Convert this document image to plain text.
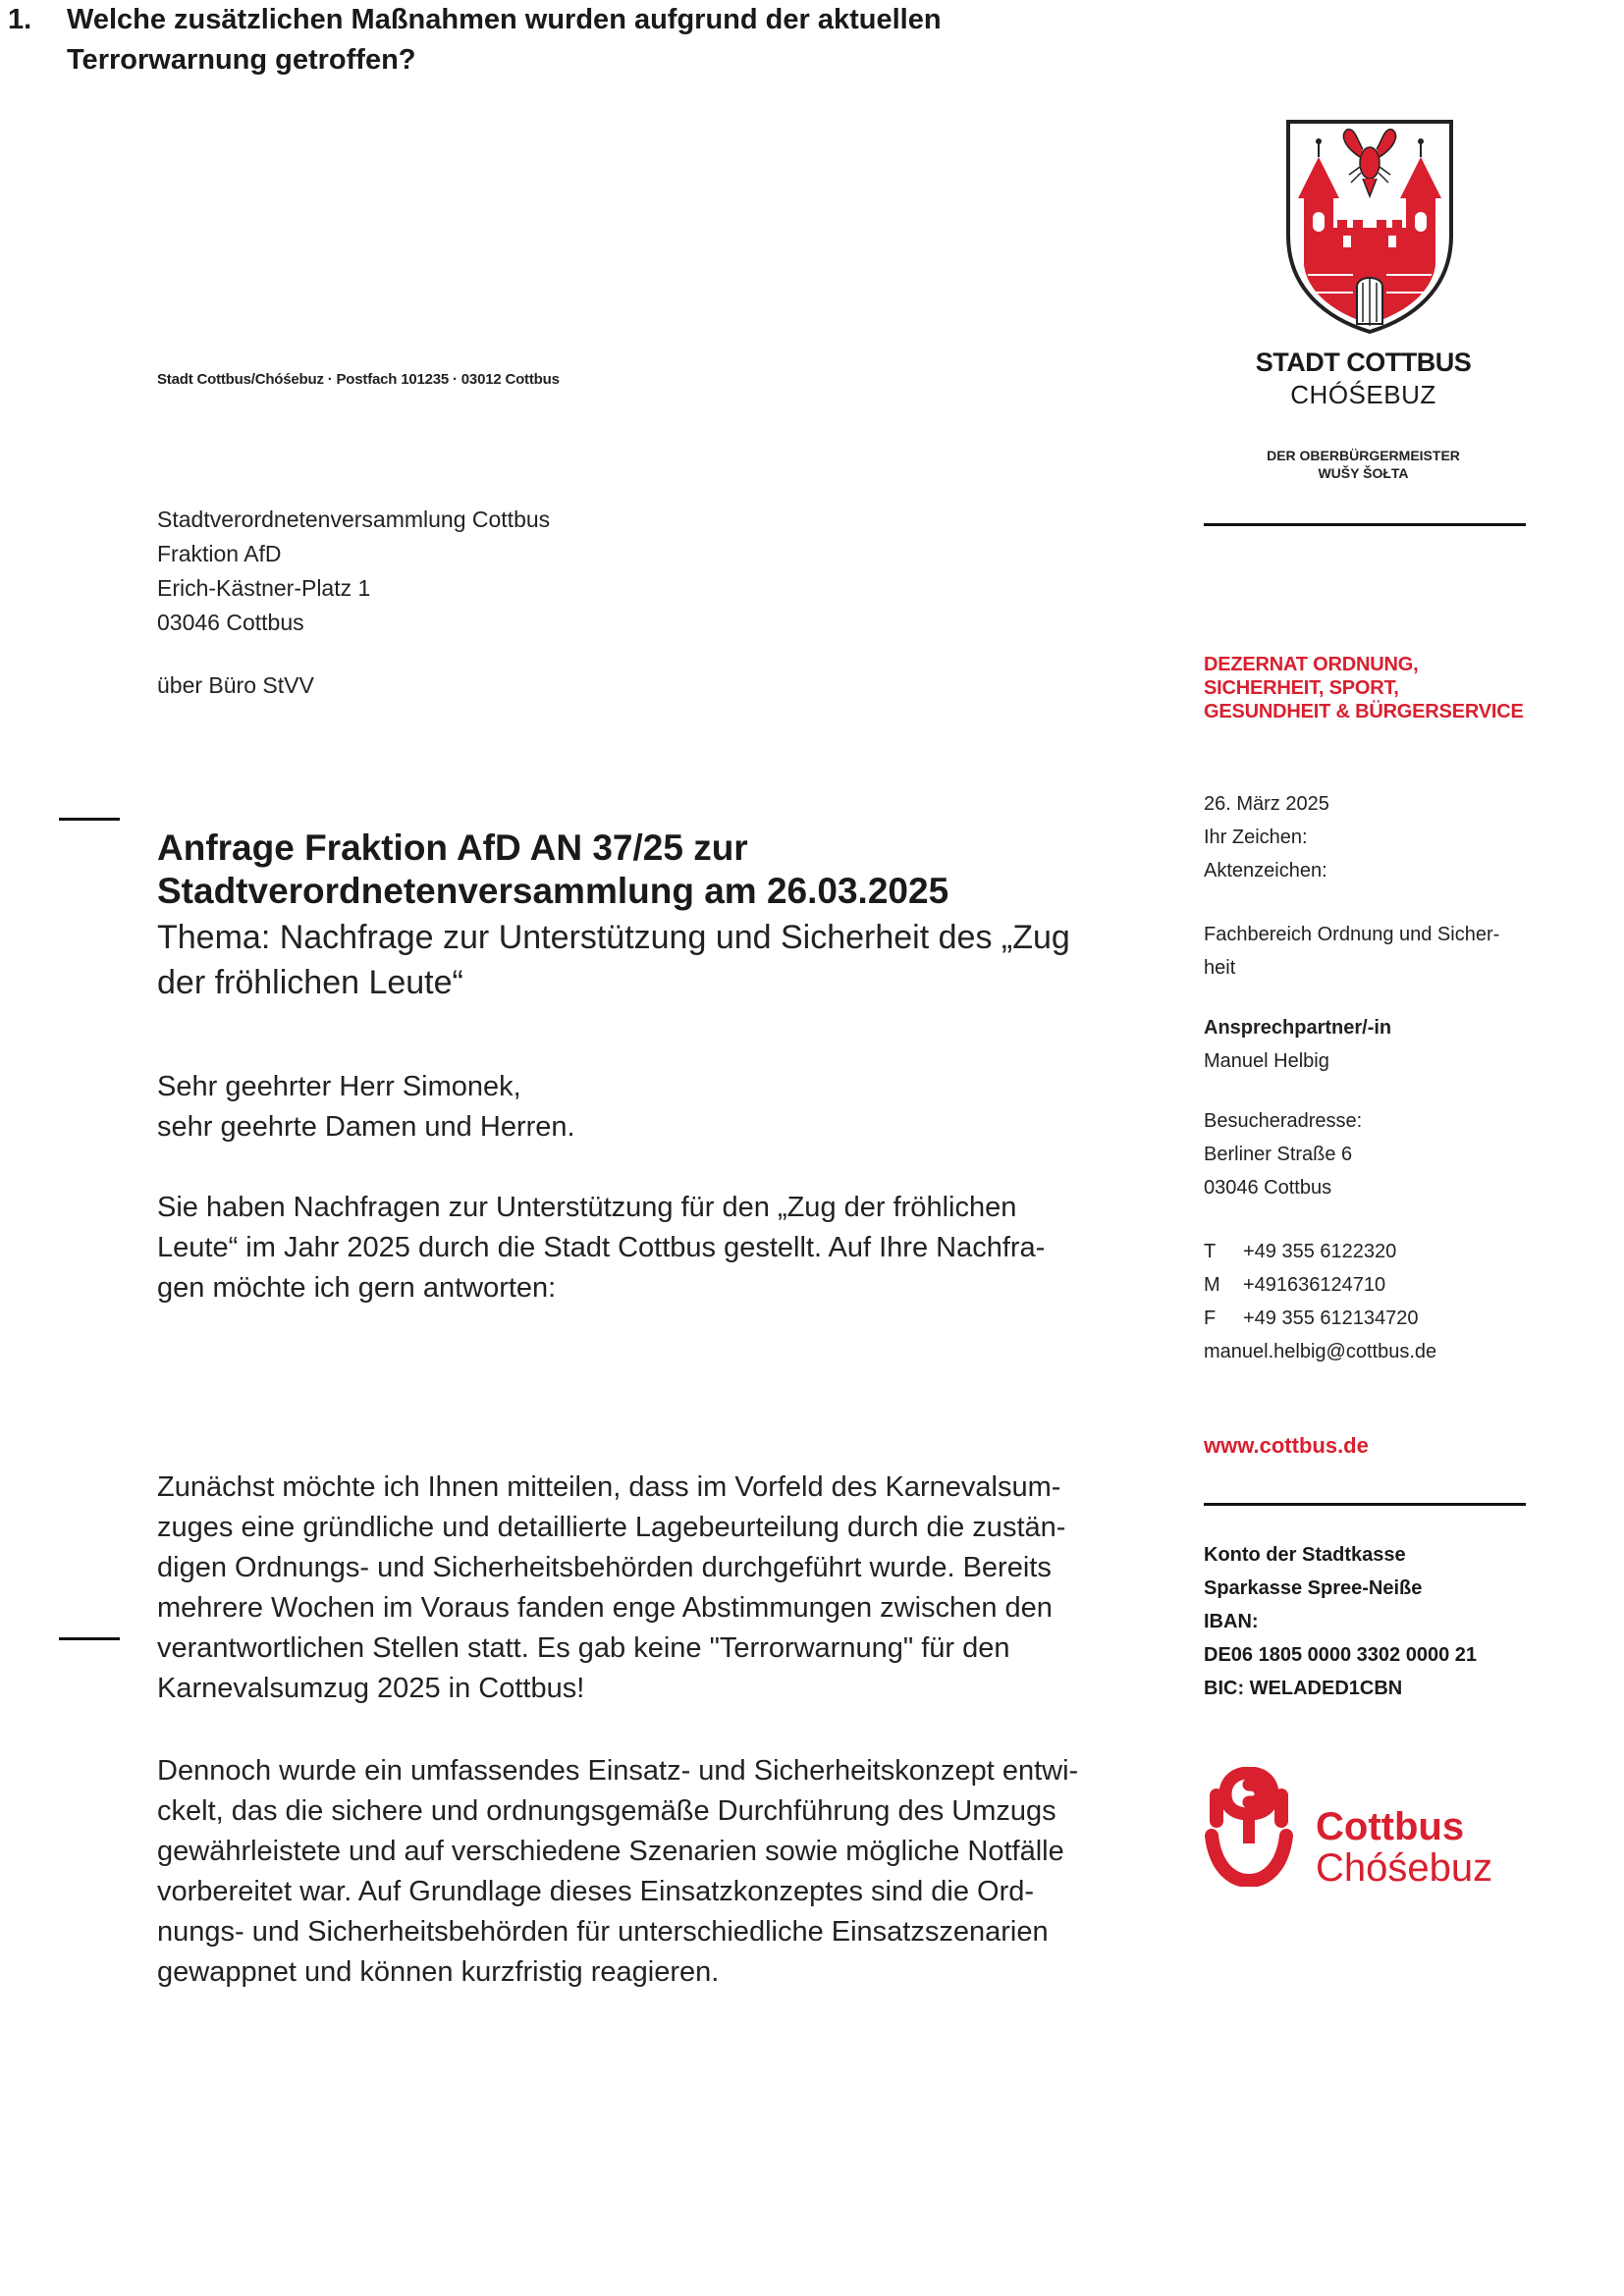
Stadt Cottbus/Chóśebuz · Postfach 101235 · 03012 Cottbus
Stadtverordnetenversammlung Cottbus
Fraktion AfD
Erich-Kästner-Platz 1
03046 Cottbus
über Büro StVV
Anfrage Fraktion AfD AN 37/25 zur
Stadtverordnetenversammlung am 26.03.2025
Thema: Nachfrage zur Unterstützung und Sicherheit des „Zug
der fröhlichen Leute“

Sehr geehrter Herr Simonek,

sehr geehrte Damen und Herren.

Sie haben Nachfragen zur Unterstützung für den „Zug der fröhlichen

Leute“ im Jahr 2025 durch die Stadt Cottbus gestellt. Auf Ihre Nachfra-

gen möchte ich gern antworten:

1.	Welche zusätzlichen Maßnahmen wurden aufgrund der aktuellen
Terrorwarnung getroffen?

Zunächst möchte ich Ihnen mitteilen, dass im Vorfeld des Karnevalsum-

zuges eine gründliche und detaillierte Lagebeurteilung durch die zustän-

digen Ordnungs- und Sicherheitsbehörden durchgeführt wurde. Bereits

mehrere Wochen im Voraus fanden enge Abstimmungen zwischen den

verantwortlichen Stellen statt. Es gab keine "Terrorwarnung" für den

Karnevalsumzug 2025 in Cottbus!

Dennoch wurde ein umfassendes Einsatz- und Sicherheitskonzept entwi-

ckelt, das die sichere und ordnungsgemäße Durchführung des Umzugs

gewährleistete und auf verschiedene Szenarien sowie mögliche Notfälle

vorbereitet war. Auf Grundlage dieses Einsatzkonzeptes sind die Ord-

nungs- und Sicherheitsbehörden für unterschiedliche Einsatzszenarien

gewappnet und können kurzfristig reagieren.

STADT COTTBUS
CHÓŚEBUZ
DER OBERBÜRGERMEISTER
WUŠY ŠOŁTA
DEZERNAT ORDNUNG,
SICHERHEIT, SPORT,
GESUNDHEIT & BÜRGERSERVICE
26. März 2025
Ihr Zeichen:
Aktenzeichen:
Fachbereich Ordnung und Sicher-
heit
Ansprechpartner/-in
Manuel Helbig
Besucheradresse:
Berliner Straße 6
03046 Cottbus
T	+49 355 6122320
M	+491636124710
F	+49 355 612134720
manuel.helbig@cottbus.de
www.cottbus.de
Konto der Stadtkasse
Sparkasse Spree-Neiße
IBAN:
DE06 1805 0000 3302 0000 21
BIC: WELADED1CBN
Cottbus
Chóśebuz
